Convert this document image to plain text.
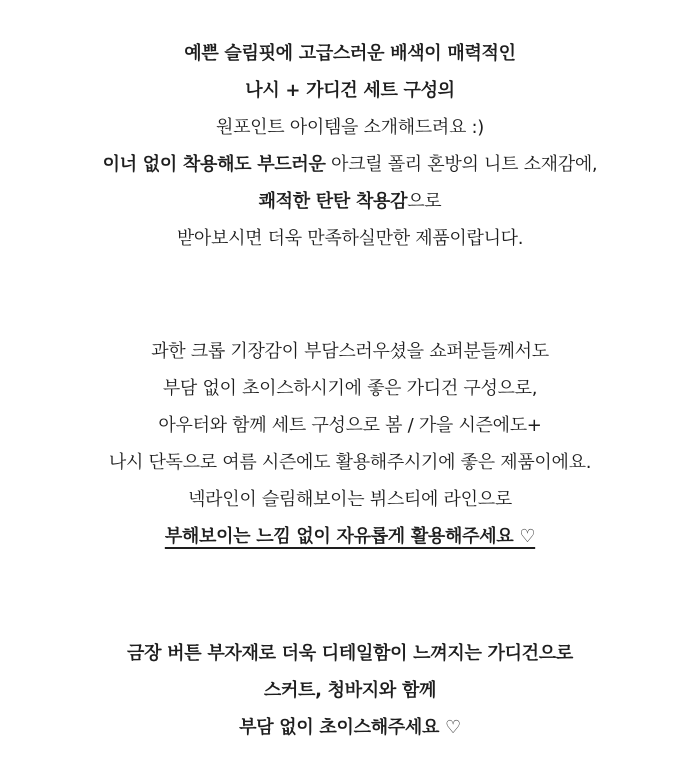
예쁜 슬림핏에 고급스러운 배색이 매력적인
나시 + 가디건 세트 구성의
원포인트 아이템을 소개해드려요 :)
이너 없이 착용해도 부드러운 아크릴 폴리 혼방의 니트 소재감에,
쾌적한 탄탄 착용감으로
받아보시면 더욱 만족하실만한 제품이랍니다.
과한 크롭 기장감이 부담스러우셨을 쇼퍼분들께서도
부담 없이 초이스하시기에 좋은 가디건 구성으로,
아우터와 함께 세트 구성으로 봄 / 가을 시즌에도+
나시 단독으로 여름 시즌에도 활용해주시기에 좋은 제품이에요.
넥라인이 슬림해보이는 뷔스티에 라인으로
부해보이는 느낌 없이 자유롭게 활용해주세요 ♡
금장 버튼 부자재로 더욱 디테일함이 느껴지는 가디건으로
스커트, 청바지와 함께
부담 없이 초이스해주세요 ♡
